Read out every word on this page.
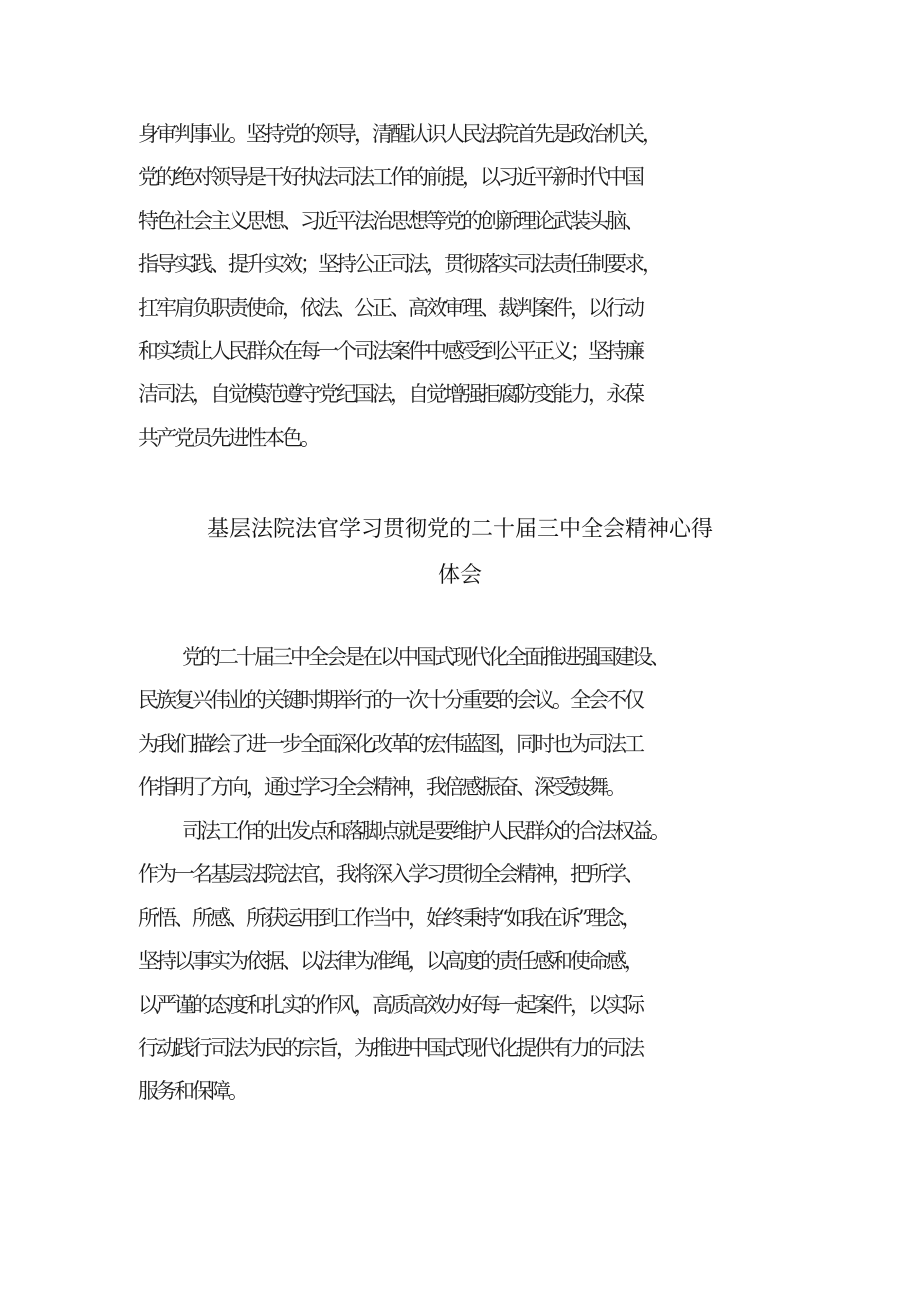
身审判事业。坚持党的领导，清醒认识人民法院首先是政治机关，
党的绝对领导是干好执法司法工作的前提，以习近平新时代中国
特色社会主义思想、习近平法治思想等党的创新理论武装头脑、
指导实践、提升实效；坚持公正司法，贯彻落实司法责任制要求，
扛牢肩负职责使命，依法、公正、高效审理、裁判案件，以行动
和实绩让人民群众在每一个司法案件中感受到公平正义；坚持廉
洁司法，自觉模范遵守党纪国法，自觉增强拒腐防变能力，永葆
共产党员先进性本色。
基层法院法官学习贯彻党的二十届三中全会精神心得
体会
党的二十届三中全会是在以中国式现代化全面推进强国建设、
民族复兴伟业的关键时期举行的一次十分重要的会议。全会不仅
为我们描绘了进一步全面深化改革的宏伟蓝图，同时也为司法工
作指明了方向，通过学习全会精神，我倍感振奋、深受鼓舞。
司法工作的出发点和落脚点就是要维护人民群众的合法权益。
作为一名基层法院法官，我将深入学习贯彻全会精神，把所学、
所悟、所感、所获运用到工作当中，始终秉持“如我在诉”理念，
坚持以事实为依据、以法律为准绳，以高度的责任感和使命感，
以严谨的态度和扎实的作风，高质高效办好每一起案件，以实际
行动践行司法为民的宗旨，为推进中国式现代化提供有力的司法
服务和保障。
